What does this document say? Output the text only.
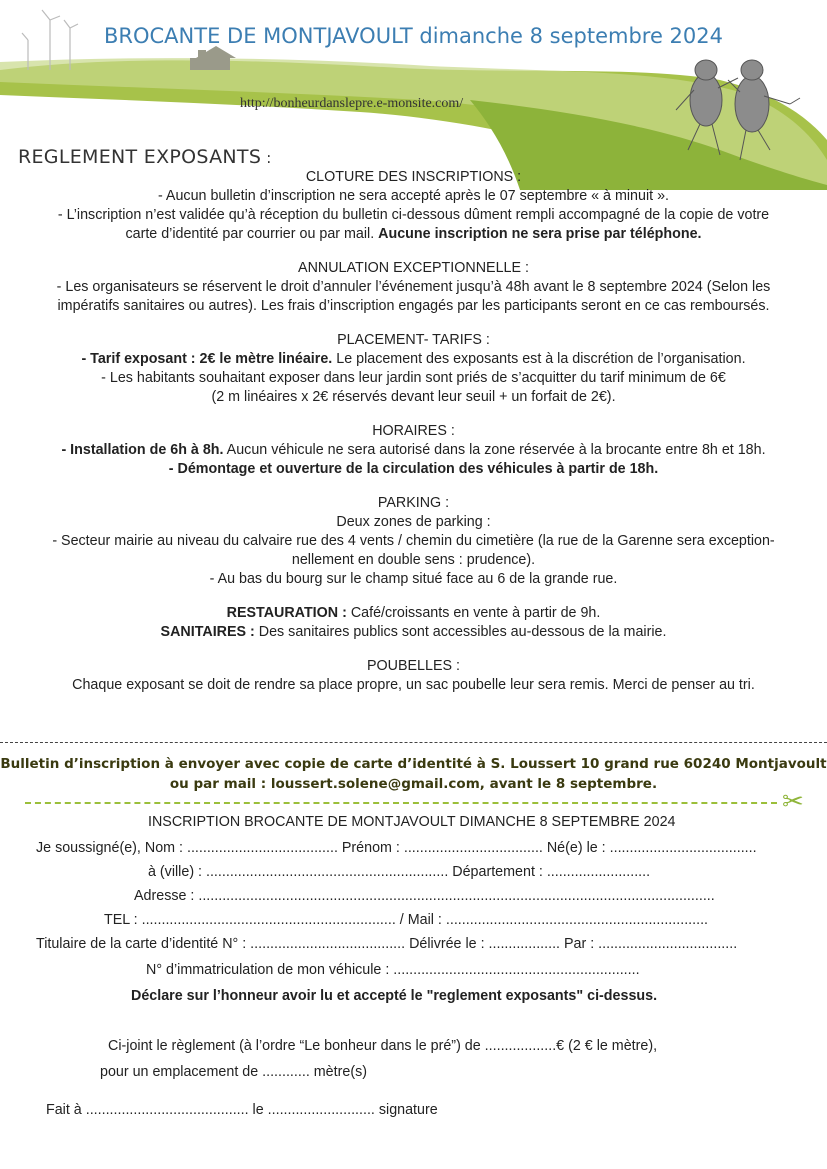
BROCANTE DE MONTJAVOULT dimanche 8 septembre 2024
http://bonheurdanslepre.e-monsite.com/
REGLEMENT EXPOSANTS :
CLOTURE DES INSCRIPTIONS :
- Aucun bulletin d’inscription ne sera accepté après le 07 septembre « à minuit ».
- L’inscription n’est validée qu’à réception du bulletin ci-dessous dûment rempli accompagné de la copie de votre
carte d’identité par courrier ou par mail. Aucune inscription ne sera prise par téléphone.
ANNULATION EXCEPTIONNELLE :
- Les organisateurs se réservent le droit d’annuler l’événement jusqu’à 48h avant le 8 septembre 2024 (Selon les
impératifs sanitaires ou autres). Les frais d’inscription engagés par les participants seront en ce cas remboursés.
PLACEMENT- TARIFS :
- Tarif exposant : 2€ le mètre linéaire. Le placement des exposants est à la discrétion de l’organisation.
- Les habitants souhaitant exposer dans leur jardin sont priés de s’acquitter du tarif minimum de 6€
(2 m linéaires x 2€ réservés devant leur seuil + un forfait de 2€).
HORAIRES :
- Installation de 6h à 8h. Aucun véhicule ne sera autorisé dans la zone réservée à la brocante entre 8h et 18h.
- Démontage et ouverture de la circulation des véhicules à partir de 18h.
PARKING :
Deux zones de parking :
- Secteur mairie au niveau du calvaire rue des 4 vents / chemin du cimetière (la rue de la Garenne sera exception-
nellement en double sens : prudence).
- Au bas du bourg sur le champ situé face au 6 de la grande rue.
RESTAURATION : Café/croissants en vente à partir de 9h.
SANITAIRES : Des sanitaires publics sont accessibles au-dessous de la mairie.
POUBELLES :
Chaque exposant se doit de rendre sa place propre, un sac poubelle leur sera remis. Merci de penser au tri.
Bulletin d’inscription à envoyer avec copie de carte d’identité à S. Loussert 10 grand rue 60240 Montjavoult
ou par mail : loussert.solene@gmail.com, avant le 8 septembre.
✂
INSCRIPTION BROCANTE DE MONTJAVOULT DIMANCHE 8 SEPTEMBRE 2024
Je soussigné(e), Nom : ...................................... Prénom : ................................... Né(e) le : .....................................
à (ville) : ............................................................. Département : ..........................
Adresse : ..................................................................................................................................
TEL : ................................................................ / Mail : ..................................................................
Titulaire de la carte d’identité N° : ....................................... Délivrée le : .................. Par : ...................................
N° d’immatriculation de mon véhicule : ..............................................................
Déclare sur l’honneur avoir lu et accepté le "reglement exposants" ci-dessus.
Ci-joint le règlement (à l’ordre “Le bonheur dans le pré”) de ..................€ (2 € le mètre),
pour un emplacement de ............ mètre(s)
Fait à ......................................... le ........................... signature
